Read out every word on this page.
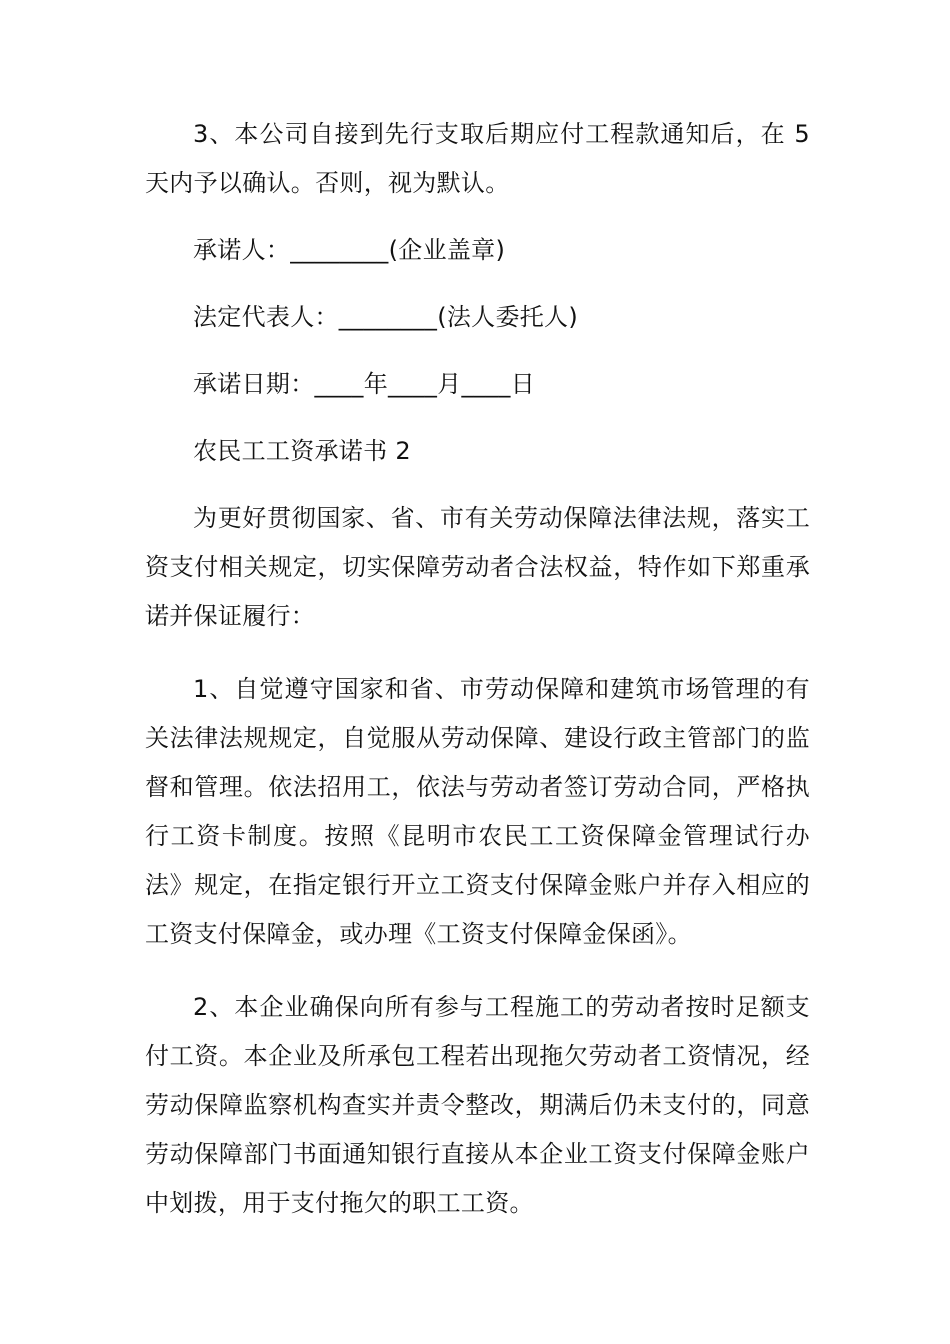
3、本公司自接到先行支取后期应付工程款通知后，在 5 天内予以确认。否则，视为默认。

承诺人：________(企业盖章)

法定代表人：________(法人委托人)

承诺日期：____年____月____日

农民工工资承诺书 2

为更好贯彻国家、省、市有关劳动保障法律法规，落实工资支付相关规定，切实保障劳动者合法权益，特作如下郑重承诺并保证履行：

1、自觉遵守国家和省、市劳动保障和建筑市场管理的有关法律法规规定，自觉服从劳动保障、建设行政主管部门的监督和管理。依法招用工，依法与劳动者签订劳动合同，严格执行工资卡制度。按照《昆明市农民工工资保障金管理试行办法》规定，在指定银行开立工资支付保障金账户并存入相应的工资支付保障金，或办理《工资支付保障金保函》。

2、本企业确保向所有参与工程施工的劳动者按时足额支付工资。本企业及所承包工程若出现拖欠劳动者工资情况，经劳动保障监察机构查实并责令整改，期满后仍未支付的，同意劳动保障部门书面通知银行直接从本企业工资支付保障金账户中划拨，用于支付拖欠的职工工资。
